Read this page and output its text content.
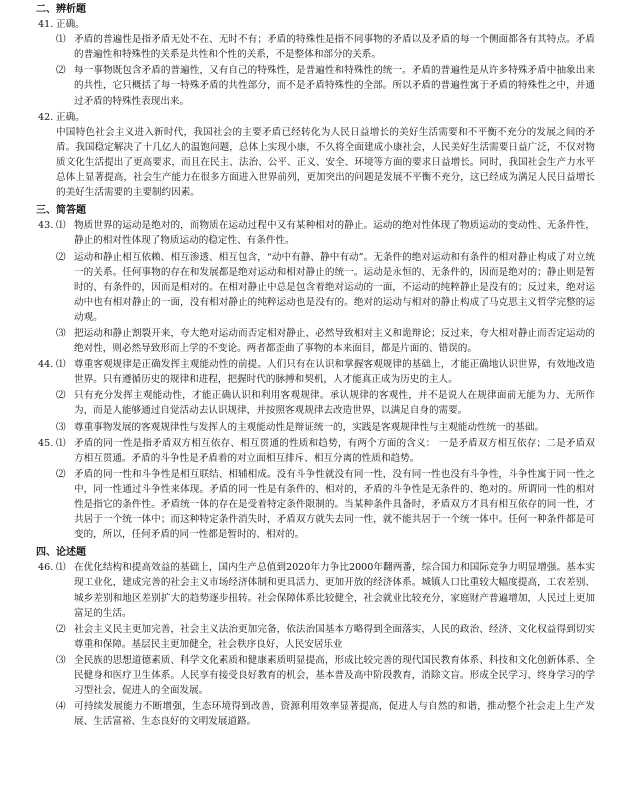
二、辨析题
41. 正确。
⑴ 矛盾的普遍性是指矛盾无处不在、无时不有；矛盾的特殊性是指不同事物的矛盾以及矛盾的每一个侧面都各有其特点。矛盾的普遍性和特殊性的关系是共性和个性的关系，不是整体和部分的关系。
⑵ 每一事物既包含矛盾的普遍性，又有自己的特殊性，是普遍性和特殊性的统一。矛盾的普遍性是从许多特殊矛盾中抽象出来的共性，它只概括了每一特殊矛盾的共性部分，而不是矛盾特殊性的全部。所以矛盾的普遍性寓于矛盾的特殊性之中，并通过矛盾的特殊性表现出来。
42. 正确。
中国特色社会主义进入新时代，我国社会的主要矛盾已经转化为人民日益增长的美好生活需要和不平衡不充分的发展之间的矛盾。我国稳定解决了十几亿人的温饱问题，总体上实现小康，不久将全面建成小康社会，人民美好生活需要日益广泛，不仅对物质文化生活提出了更高要求，而且在民主、法治、公平、正义、安全、环境等方面的要求日益增长。同时，我国社会生产力水平总体上显著提高，社会生产能力在很多方面进入世界前列，更加突出的问题是发展不平衡不充分，这已经成为满足人民日益增长的美好生活需要的主要制约因素。
三、简答题
43. ⑴ 物质世界的运动是绝对的，而物质在运动过程中又有某种相对的静止。运动的绝对性体现了物质运动的变动性、无条件性，静止的相对性体现了物质运动的稳定性、有条件性。
⑵ 运动和静止相互依赖、相互渗透、相互包含，“动中有静、静中有动”。无条件的绝对运动和有条件的相对静止构成了对立统一的关系。任何事物的存在和发展都是绝对运动和相对静止的统一。运动是永恒的、无条件的，因而是绝对的；静止则是暂时的、有条件的，因而是相对的。在相对静止中总是包含着绝对运动的一面，不运动的纯粹静止是没有的；反过来，绝对运动中也有相对静止的一面，没有相对静止的纯粹运动也是没有的。绝对的运动与相对的静止构成了马克思主义哲学完整的运动观。
⑶ 把运动和静止割裂开来，夸大绝对运动而否定相对静止，必然导致相对主义和诡辩论；反过来，夸大相对静止而否定运动的绝对性，则必然导致形而上学的不变论。两者都歪曲了事物的本来面目，都是片面的、错误的。
44. ⑴ 尊重客观规律是正确发挥主观能动性的前提。人们只有在认识和掌握客观规律的基础上，才能正确地认识世界，有效地改造世界。只有遵循历史的规律和进程，把握时代的脉搏和契机，人才能真正成为历史的主人。
⑵ 只有充分发挥主观能动性，才能正确认识和利用客观规律。承认规律的客观性，并不是说人在规律面前无能为力、无所作为，而是人能够通过自觉活动去认识规律，并按照客观规律去改造世界，以满足自身的需要。
⑶ 尊重事物发展的客观规律性与发挥人的主观能动性是辩证统一的，实践是客观规律性与主观能动性统一的基础。
45. ⑴ 矛盾的同一性是指矛盾双方相互依存、相互贯通的性质和趋势，有两个方面的含义： 一是矛盾双方相互依存；二是矛盾双方相互贯通。矛盾的斗争性是矛盾着的对立面相互排斥、相互分离的性质和趋势。
⑵ 矛盾的同一性和斗争性是相互联结、相辅相成。没有斗争性就没有同一性，没有同一性也没有斗争性，斗争性寓于同一性之中，同一性通过斗争性来体现。矛盾的同一性是有条件的、相对的，矛盾的斗争性是无条件的、绝对的。所谓同一性的相对性是指它的条件性。矛盾统一体的存在是受着特定条件限制的。当某种条件具备时，矛盾双方才具有相互依存的同一性，才共居于一个统一体中；而这种特定条件消失时，矛盾双方就失去同一性，就不能共居于一个统一体中。任何一种条件都是可变的，所以，任何矛盾的同一性都是暂时的、相对的。
四、论述题
46. ⑴ 在优化结构和提高效益的基础上，国内生产总值到2020年力争比2000年翻两番，综合国力和国际竞争力明显增强。基本实现工业化，建成完善的社会主义市场经济体制和更具活力、更加开放的经济体系。城镇人口比重较大幅度提高，工农差别、城乡差别和地区差别扩大的趋势逐步扭转。社会保障体系比较健全，社会就业比较充分，家庭财产普遍增加，人民过上更加富足的生活。
⑵ 社会主义民主更加完善，社会主义法治更加完备，依法治国基本方略得到全面落实，人民的政治、经济、文化权益得到切实尊重和保障。基层民主更加健全，社会秩序良好，人民安居乐业
⑶ 全民族的思想道德素质、科学文化素质和健康素质明显提高，形成比较完善的现代国民教育体系、科技和文化创新体系、全民健身和医疗卫生体系。人民享有接受良好教育的机会，基本普及高中阶段教育，消除文盲。形成全民学习、终身学习的学习型社会，促进人的全面发展。
⑷ 可持续发展能力不断增强，生态环境得到改善，资源利用效率显著提高，促进人与自然的和谐，推动整个社会走上生产发展、生活富裕、生态良好的文明发展道路。
